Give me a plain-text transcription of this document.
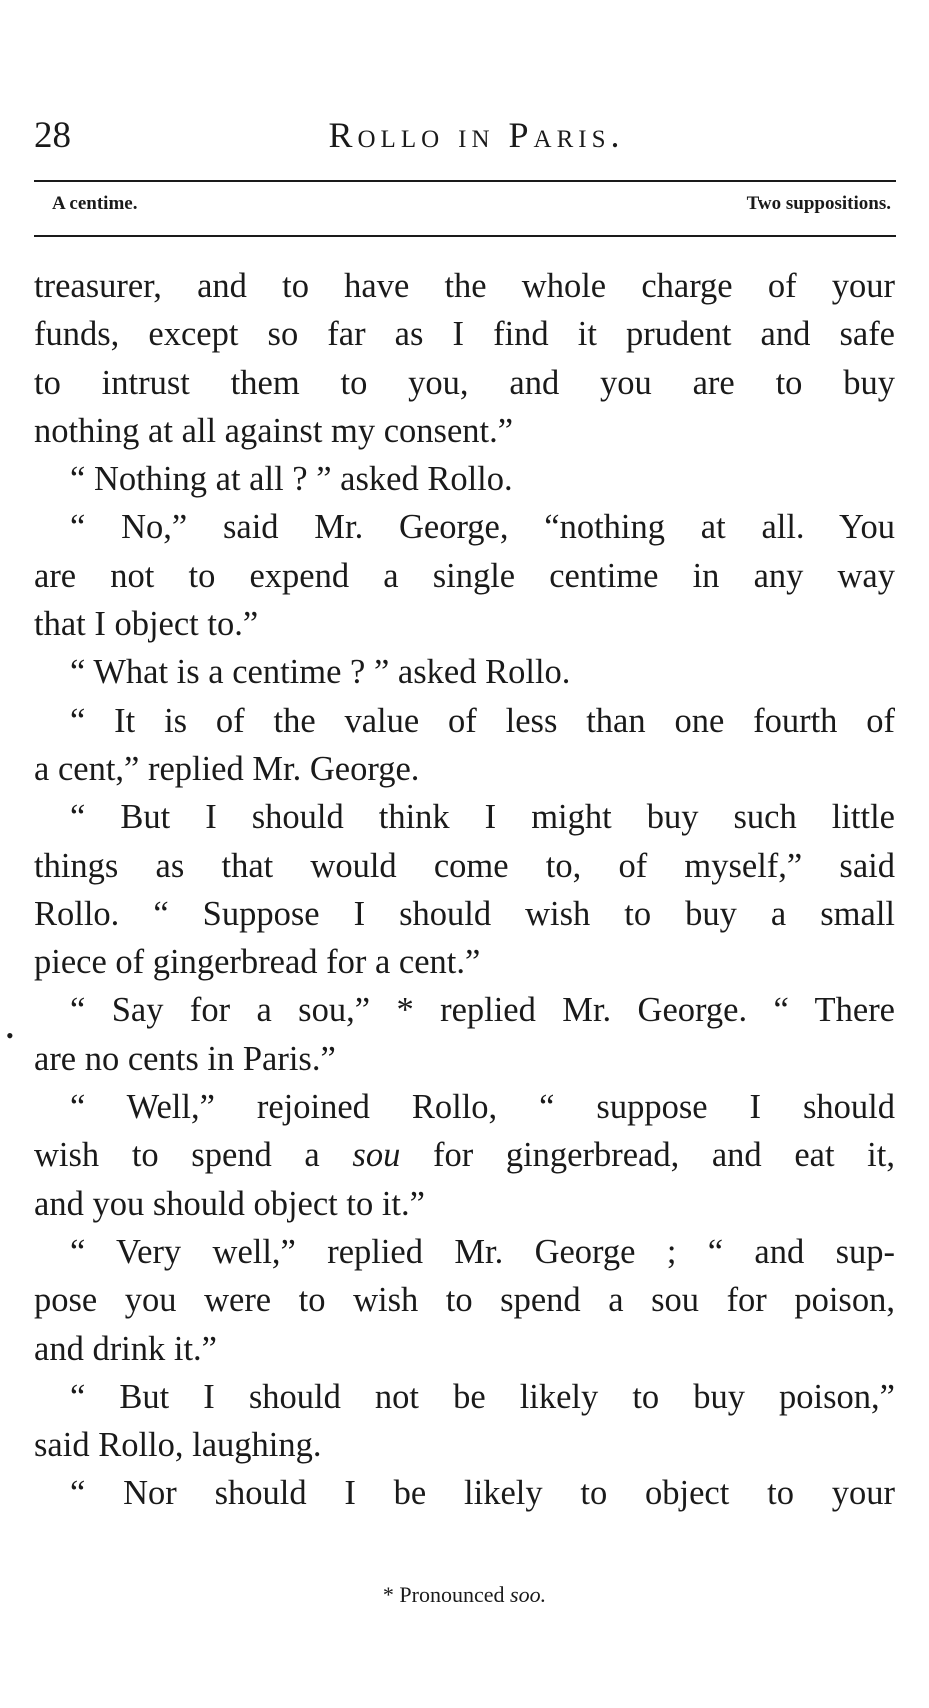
28	Rollo in Paris.
A centime.	Two suppositions.
•
treasurer, and to have the whole charge of your
funds, except so far as I find it prudent and safe
to intrust them to you, and you are to buy
nothing at all against my consent.”
“ Nothing at all ? ” asked Rollo.
“ No,” said Mr. George, “nothing at all. You
are not to expend a single centime in any way
that I object to.”
“ What is a centime ? ” asked Rollo.
“ It is of the value of less than one fourth of
a cent,” replied Mr. George.
“ But I should think I might buy such little
things as that would come to, of myself,” said
Rollo. “ Suppose I should wish to buy a small
piece of gingerbread for a cent.”
“ Say for a sou,” * replied Mr. George. “ There
are no cents in Paris.”
“ Well,” rejoined Rollo, “ suppose I should
wish to spend a sou for gingerbread, and eat it,
and you should object to it.”
“ Very well,” replied Mr. George ; “ and sup-
pose you were to wish to spend a sou for poison,
and drink it.”
“ But I should not be likely to buy poison,”
said Rollo, laughing.
“ Nor should I be likely to object to your
* Pronounced soo.
